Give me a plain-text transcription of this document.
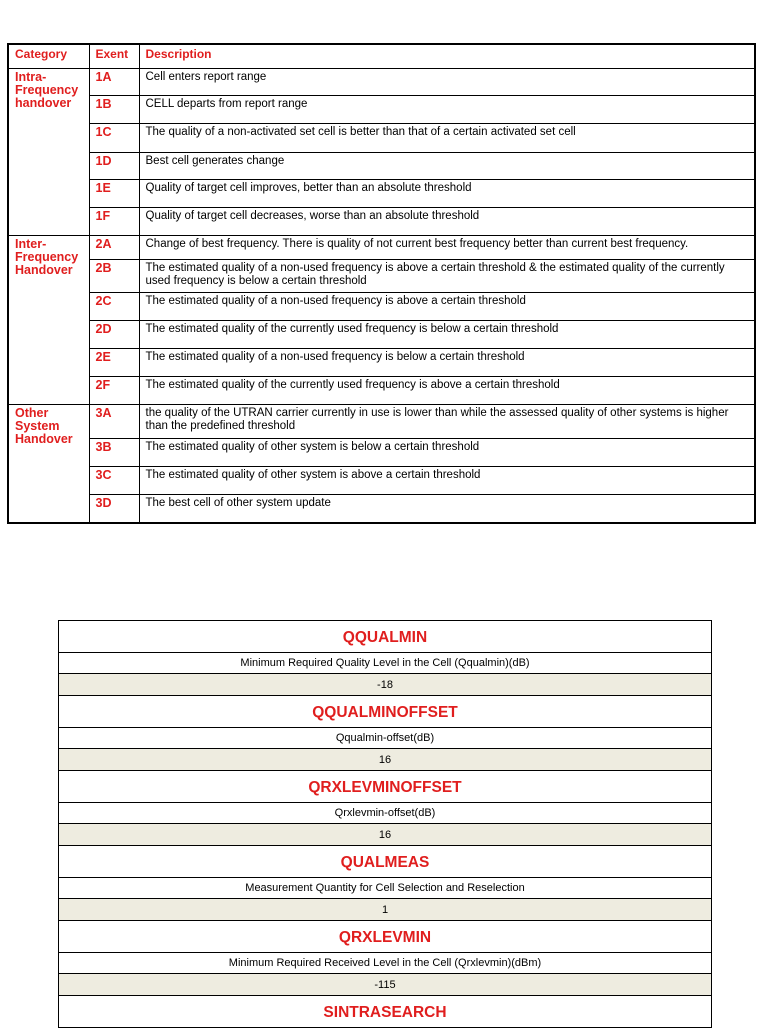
Category	Exent	Description
Intra-Frequency handover	1A	Cell enters report range
	1B	CELL departs from report range
	1C	The quality of a non-activated set cell is better than that of a certain activated set cell
	1D	Best cell generates change
	1E	Quality of target cell improves, better than an absolute threshold
	1F	Quality of target cell decreases, worse than an absolute threshold
Inter-Frequency Handover	2A	Change of best frequency. There is quality of not current best frequency better than current best frequency.
	2B	The estimated quality of a non-used frequency is above a certain threshold & the estimated quality of the currently used frequency is below a certain threshold
	2C	The estimated quality of a non-used frequency is above a certain threshold
	2D	The estimated quality of the currently used frequency is below a certain threshold
	2E	The estimated quality of a non-used frequency is below a certain threshold
	2F	The estimated quality of the currently used frequency is above a certain threshold
Other System Handover	3A	the quality of the UTRAN carrier currently in use is lower than while the assessed quality of other systems is higher than the predefined threshold
	3B	The estimated quality of other system is below a certain threshold
	3C	The estimated quality of other system is above a certain threshold
	3D	The best cell of other system update
QQUALMIN
Minimum Required Quality Level in the Cell (Qqualmin)(dB)
-18
QQUALMINOFFSET
Qqualmin-offset(dB)
16
QRXLEVMINOFFSET
Qrxlevmin-offset(dB)
16
QUALMEAS
Measurement Quantity for Cell Selection and Reselection
1
QRXLEVMIN
Minimum Required Received Level in the Cell (Qrxlevmin)(dBm)
-115
SINTRASEARCH
